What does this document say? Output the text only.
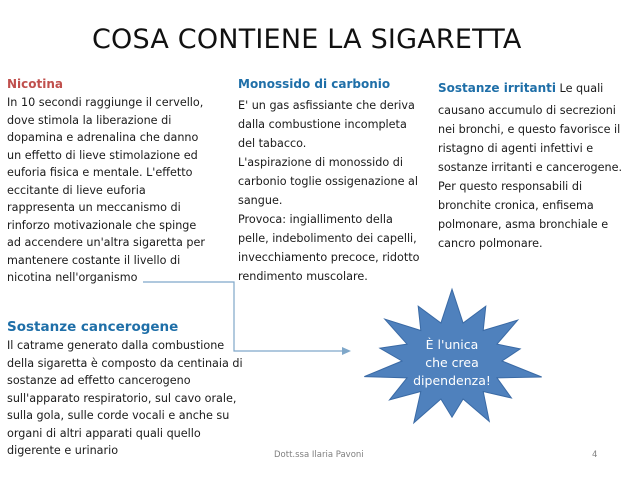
COSA CONTIENE LA SIGARETTA
Nicotina
In 10 secondi raggiunge il cervello,
dove stimola la liberazione di
dopamina e adrenalina che danno
un effetto di lieve stimolazione ed
euforia fisica e mentale. L'effetto
eccitante di lieve euforia
rappresenta un meccanismo di
rinforzo motivazionale che spinge
ad accendere un'altra sigaretta per
mantenere costante il livello di
nicotina nell'organismo
Monossido di carbonio
E' un gas asfissiante che deriva
dalla combustione incompleta
del tabacco.
L'aspirazione di monossido di
carbonio toglie ossigenazione al
sangue.
Provoca: ingiallimento della
pelle, indebolimento dei capelli,
invecchiamento precoce, ridotto
rendimento muscolare.
Sostanze irritanti Le quali
causano accumulo di secrezioni
nei bronchi, e questo favorisce il
ristagno di agenti infettivi e
sostanze irritanti e cancerogene.
Per questo responsabili di
bronchite cronica, enfisema
polmonare, asma bronchiale e
cancro polmonare.
Sostanze cancerogene
Il catrame generato dalla combustione
della sigaretta è composto da centinaia di
sostanze ad effetto cancerogeno
sull'apparato respiratorio, sul cavo orale,
sulla gola, sulle corde vocali e anche su
organi di altri apparati quali quello
digerente e urinario
È l'unica
che crea
dipendenza!
Dott.ssa Ilaria Pavoni	4
